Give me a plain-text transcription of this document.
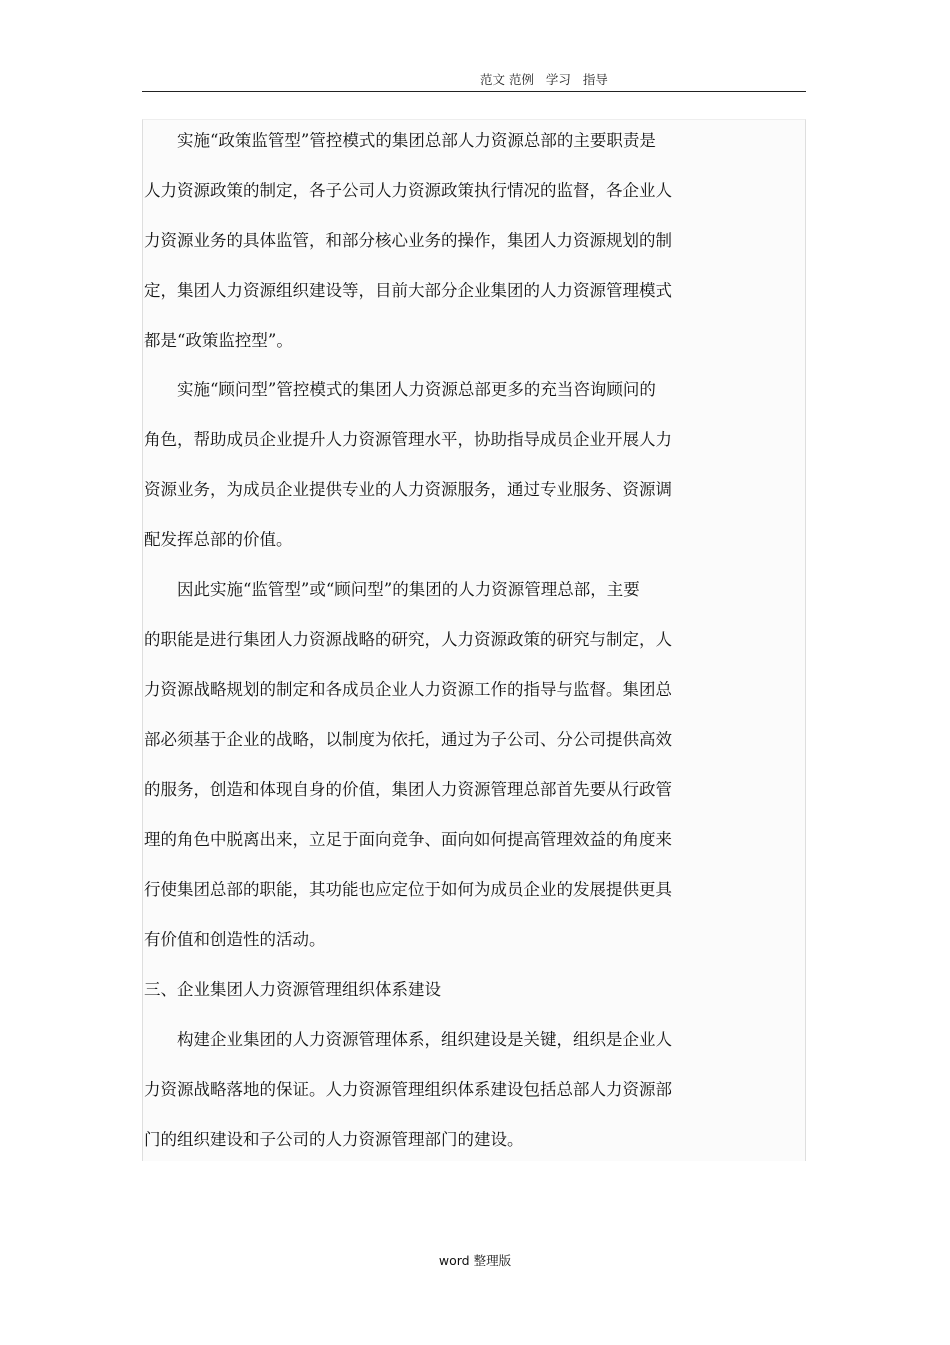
范文 范例   学习   指导
　　实施“政策监管型”管控模式的集团总部人力资源总部的主要职责是
人力资源政策的制定，各子公司人力资源政策执行情况的监督，各企业人
力资源业务的具体监管，和部分核心业务的操作，集团人力资源规划的制
定，集团人力资源组织建设等，目前大部分企业集团的人力资源管理模式
都是“政策监控型”。
　　实施“顾问型”管控模式的集团人力资源总部更多的充当咨询顾问的
角色，帮助成员企业提升人力资源管理水平，协助指导成员企业开展人力
资源业务，为成员企业提供专业的人力资源服务，通过专业服务、资源调
配发挥总部的价值。
　　因此实施“监管型”或“顾问型”的集团的人力资源管理总部，主要
的职能是进行集团人力资源战略的研究，人力资源政策的研究与制定，人
力资源战略规划的制定和各成员企业人力资源工作的指导与监督。集团总
部必须基于企业的战略，以制度为依托，通过为子公司、分公司提供高效
的服务，创造和体现自身的价值，集团人力资源管理总部首先要从行政管
理的角色中脱离出来，立足于面向竞争、面向如何提高管理效益的角度来
行使集团总部的职能，其功能也应定位于如何为成员企业的发展提供更具
有价值和创造性的活动。
三、企业集团人力资源管理组织体系建设
　　构建企业集团的人力资源管理体系，组织建设是关键，组织是企业人
力资源战略落地的保证。人力资源管理组织体系建设包括总部人力资源部
门的组织建设和子公司的人力资源管理部门的建设。
word 整理版
